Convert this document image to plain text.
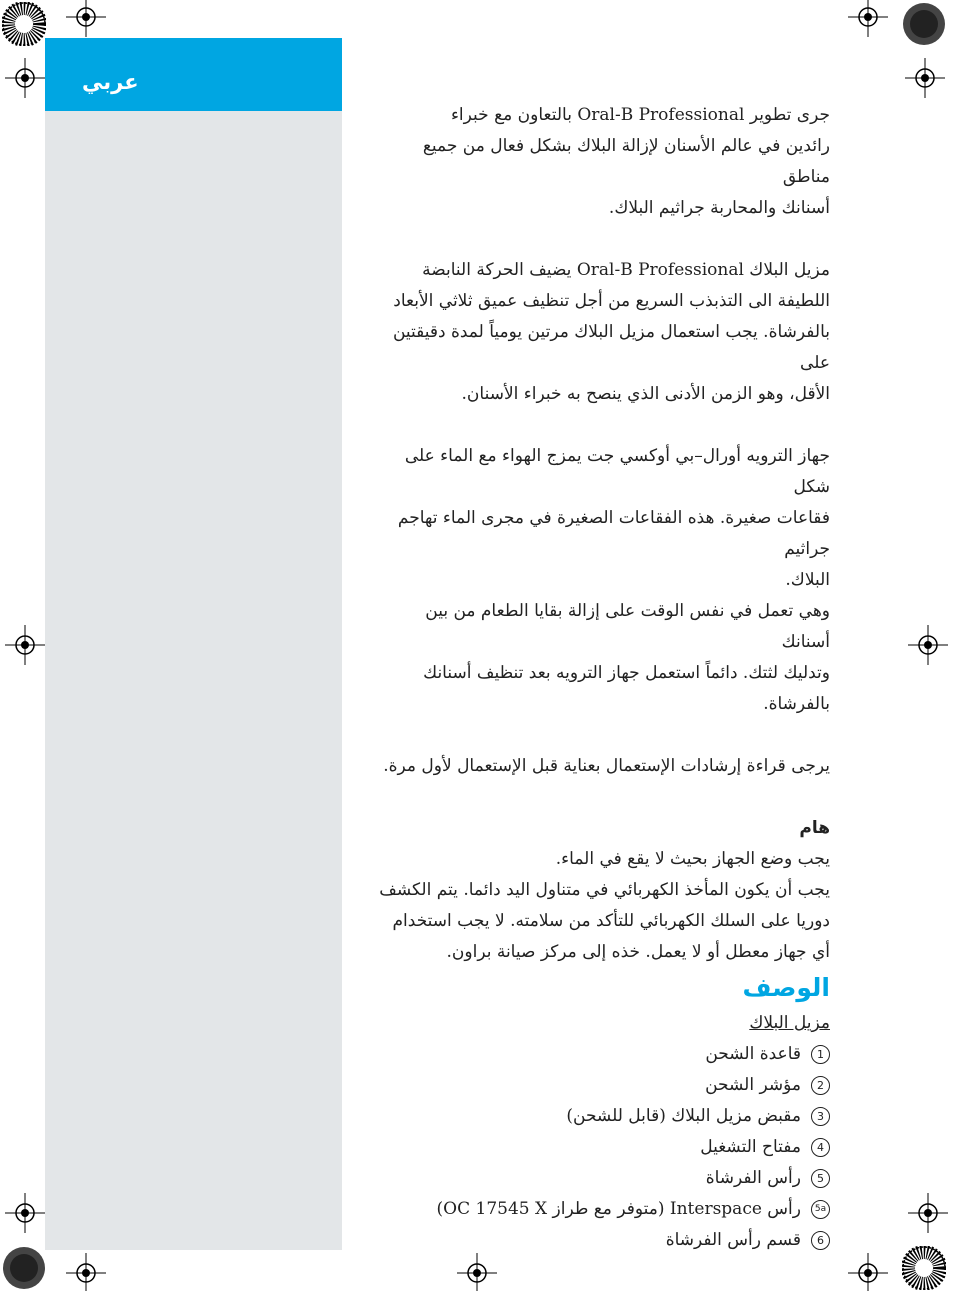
عربي

جرى تطوير Oral-B Professional بالتعاون مع خبراء

رائدين في عالم الأسنان لإزالة البلاك بشكل فعال من جميع مناطق

أسنانك والمحاربة جراثيم البلاك.

مزيل البلاك Oral-B Professional يضيف الحركة النابضة

اللطيفة الى التذبذب السريع من أجل تنظيف عميق ثلاثي الأبعاد

بالفرشاة. يجب استعمال مزيل البلاك مرتين يومياً لمدة دقيقتين على

الأقل، وهو الزمن الأدنى الذي ينصح به خبراء الأسنان.

جهاز الترويه أورال–بي أوكسي جت يمزج الهواء مع الماء على شكل

فقاعات صغيرة. هذه الفقاعات الصغيرة في مجرى الماء تهاجم جراثيم

البلاك.

وهي تعمل في نفس الوقت على إزالة بقايا الطعام من بين أسنانك

وتدليك لثتك. دائماً استعمل جهاز الترويه بعد تنظيف أسنانك

بالفرشاة.

يرجى قراءة إرشادات الإستعمال بعناية قبل الإستعمال لأول مرة.

هام

يجب وضع الجهاز بحيث لا يقع في الماء.

يجب أن يكون المأخذ الكهربائي في متناول اليد دائما. يتم الكشف

دوريا على السلك الكهربائي للتأكد من سلامته. لا يجب استخدام

أي جهاز معطل أو لا يعمل. خذه إلى مركز صيانة براون.

الوصف

مزيل البلاك

1
قاعدة الشحن
2
مؤشر الشحن
3
مقبض مزيل البلاك (قابل للشحن)
4
مفتاح التشغيل
5
رأس الفرشاة
5a
رأس Interspace (متوفر مع طراز OC 17545 X)
6
قسم رأس الفرشاة
